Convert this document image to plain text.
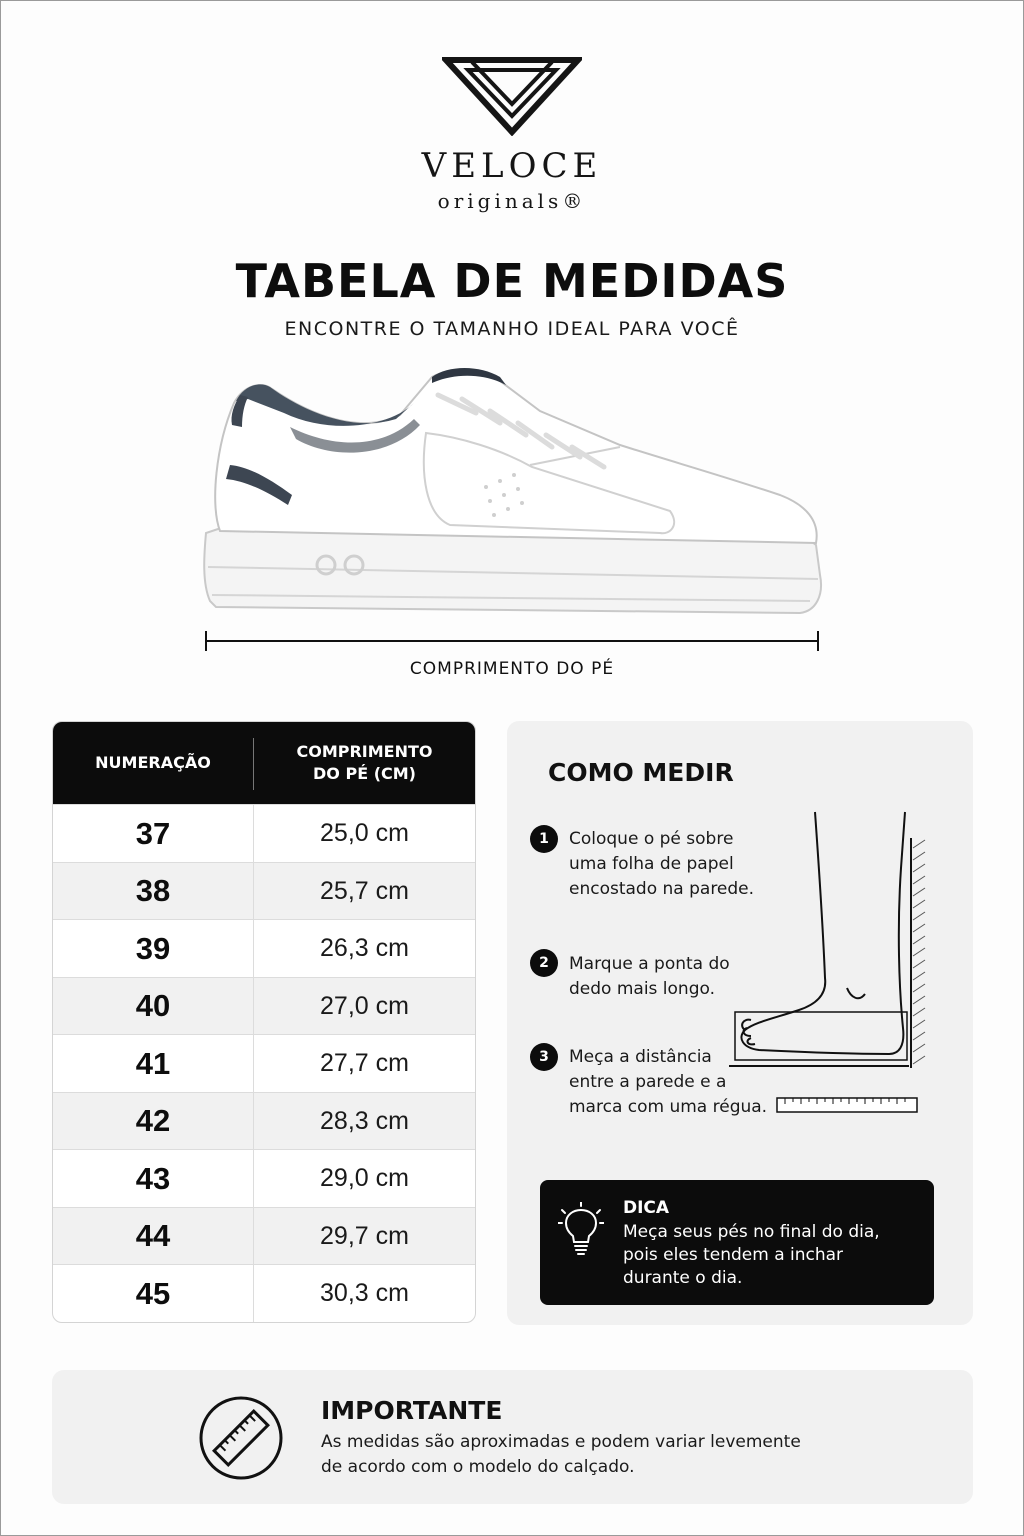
VELOCE
originals®
TABELA DE MEDIDAS
ENCONTRE O TAMANHO IDEAL PARA VOCÊ
COMPRIMENTO DO PÉ
NUMERAÇÃO
COMPRIMENTO
DO PÉ (CM)
37	25,0 cm
38	25,7 cm
39	26,3 cm
40	27,0 cm
41	27,7 cm
42	28,3 cm
43	29,0 cm
44	29,7 cm
45	30,3 cm
COMO MEDIR
1	Coloque o pé sobre
uma folha de papel
encostado na parede.
2	Marque a ponta do
dedo mais longo.
3	Meça a distância
entre a parede e a
marca com uma régua.
DICA
Meça seus pés no final do dia,
pois eles tendem a inchar
durante o dia.
IMPORTANTE
As medidas são aproximadas e podem variar levemente
de acordo com o modelo do calçado.
